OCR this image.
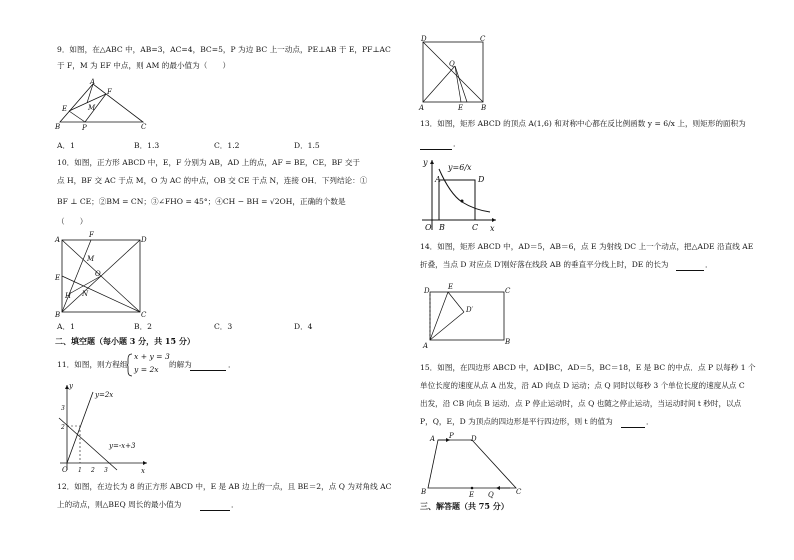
9．如图，在△ABC 中，AB=3，AC=4，BC=5，P 为边 BC 上一动点，PE⊥AB 于 E，PF⊥AC
于 F，M 为 EF 中点，则 AM 的最小值为（　　）
A
B	C
E
F
M
P
A．1	B．1.3	C．1.2	D．1.5
10．如图，正方形 ABCD 中，E，F 分别为 AB，AD 上的点，AF = BE，CE，BF 交于
点 H，BF 交 AC 于点 M，O 为 AC 的中点，OB 交 CE 于点 N，连接 OH．下列结论：①
BF ⊥ CE；②BM = CN；③∠FHO = 45°；④CH − BH = √2OH，正确的个数是
（　　）
A
B	C
D
E
F
H
M
N
O
A．1	B．2	C．3	D．4
二、填空题（每小题 3 分，共 15 分）
11．如图，则方程组
x + y = 3
y = 2x
的解为	．
y
x
O
y=2x
y=-x+3
1 2 3
2
3
12．如图，在边长为 8 的正方形 ABCD 中，E 是 AB 边上的一点，且 BE＝2，点 Q 为对角线 AC
上的动点，则△BEQ 周长的最小值为	．
D	C
A	B
E
Q
13．如图，矩形 ABCD 的顶点 A(1,6) 和对称中心都在反比例函数 y = 6/x 上，则矩形的面积为
．
y
x
O
A
B	C
D
y=6/x
14．如图，矩形 ABCD 中，AD＝5，AB＝6，点 E 为射线 DC 上一个动点，把△ADE 沿直线 AE
折叠，当点 D 对应点 D′刚好落在线段 AB 的垂直平分线上时，DE 的长为	．
D	E	C
A	B
D′
15．如图，在四边形 ABCD 中，AD∥BC，AD＝5，BC＝18，E 是 BC 的中点．点 P 以每秒 1 个
单位长度的速度从点 A 出发，沿 AD 向点 D 运动；点 Q 同时以每秒 3 个单位长度的速度从点 C
出发，沿 CB 向点 B 运动．点 P 停止运动时，点 Q 也随之停止运动，当运动时间 t 秒时，以点
P，Q，E，D 为顶点的四边形是平行四边形，则 t 的值为	．
A P D
B	E Q	C
三、解答题（共 75 分）
